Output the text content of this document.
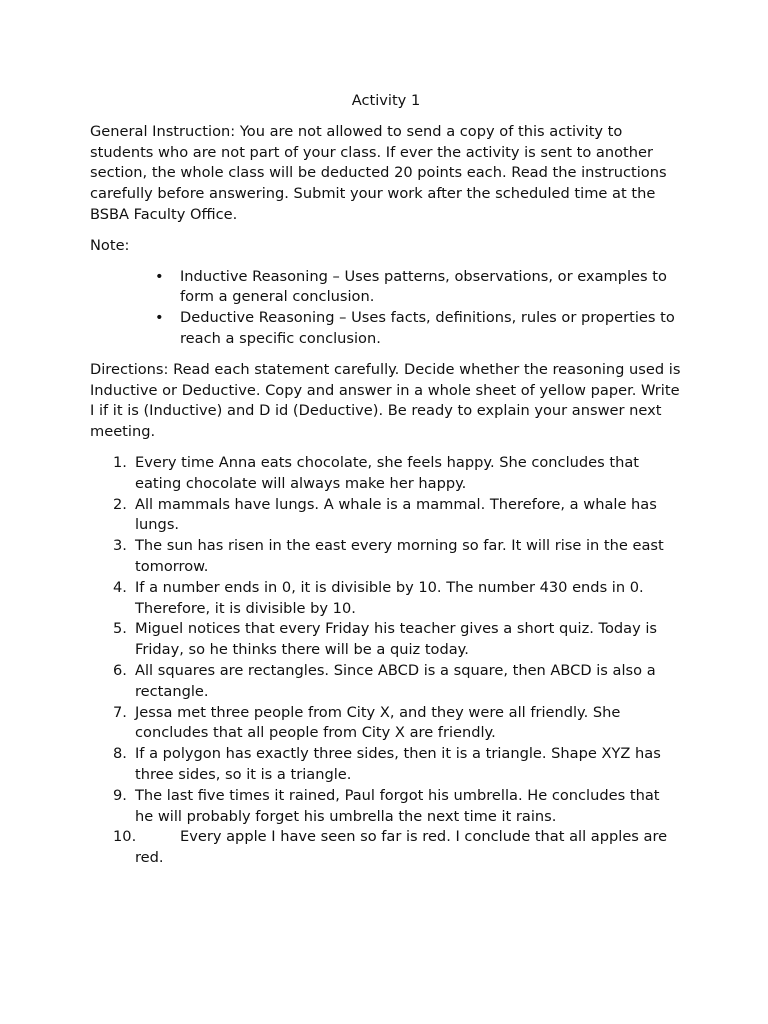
Activity 1

General Instruction: You are not allowed to send a copy of this activity to students who are not part of your class. If ever the activity is sent to another section, the whole class will be deducted 20 points each. Read the instructions carefully before answering. Submit your work after the scheduled time at the BSBA Faculty Office.

Note:

• Inductive Reasoning – Uses patterns, observations, or examples to form a general conclusion.
• Deductive Reasoning – Uses facts, definitions, rules or properties to reach a specific conclusion.

Directions: Read each statement carefully. Decide whether the reasoning used is Inductive or Deductive. Copy and answer in a whole sheet of yellow paper. Write I if it is (Inductive) and D id (Deductive). Be ready to explain your answer next meeting.

1. Every time Anna eats chocolate, she feels happy. She concludes that eating chocolate will always make her happy.
2. All mammals have lungs. A whale is a mammal. Therefore, a whale has lungs.
3. The sun has risen in the east every morning so far. It will rise in the east tomorrow.
4. If a number ends in 0, it is divisible by 10. The number 430 ends in 0. Therefore, it is divisible by 10.
5. Miguel notices that every Friday his teacher gives a short quiz. Today is Friday, so he thinks there will be a quiz today.
6. All squares are rectangles. Since ABCD is a square, then ABCD is also a rectangle.
7. Jessa met three people from City X, and they were all friendly. She concludes that all people from City X are friendly.
8. If a polygon has exactly three sides, then it is a triangle. Shape XYZ has three sides, so it is a triangle.
9. The last five times it rained, Paul forgot his umbrella. He concludes that he will probably forget his umbrella the next time it rains.
10.	Every apple I have seen so far is red. I conclude that all apples are red.
